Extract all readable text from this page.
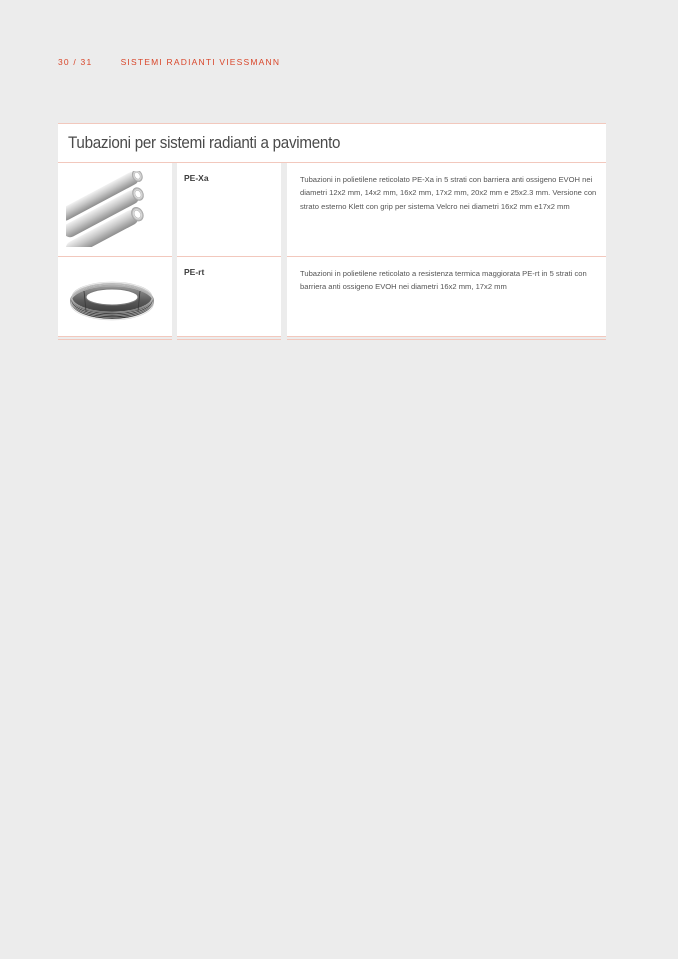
30 / 31	SISTEMI RADIANTI VIESSMANN
Tubazioni per sistemi radianti a pavimento
PE-Xa	Tubazioni in polietilene reticolato PE-Xa in 5 strati con barriera anti ossigeno EVOH nei diametri 12x2 mm, 14x2 mm, 16x2 mm, 17x2 mm, 20x2 mm e 25x2.3 mm. Versione con strato esterno Klett con grip per sistema Velcro nei diametri 16x2 mm e17x2 mm
PE-rt	Tubazioni in polietilene reticolato a resistenza termica maggiorata PE-rt in 5 strati con barriera anti ossigeno EVOH nei diametri 16x2 mm, 17x2 mm
